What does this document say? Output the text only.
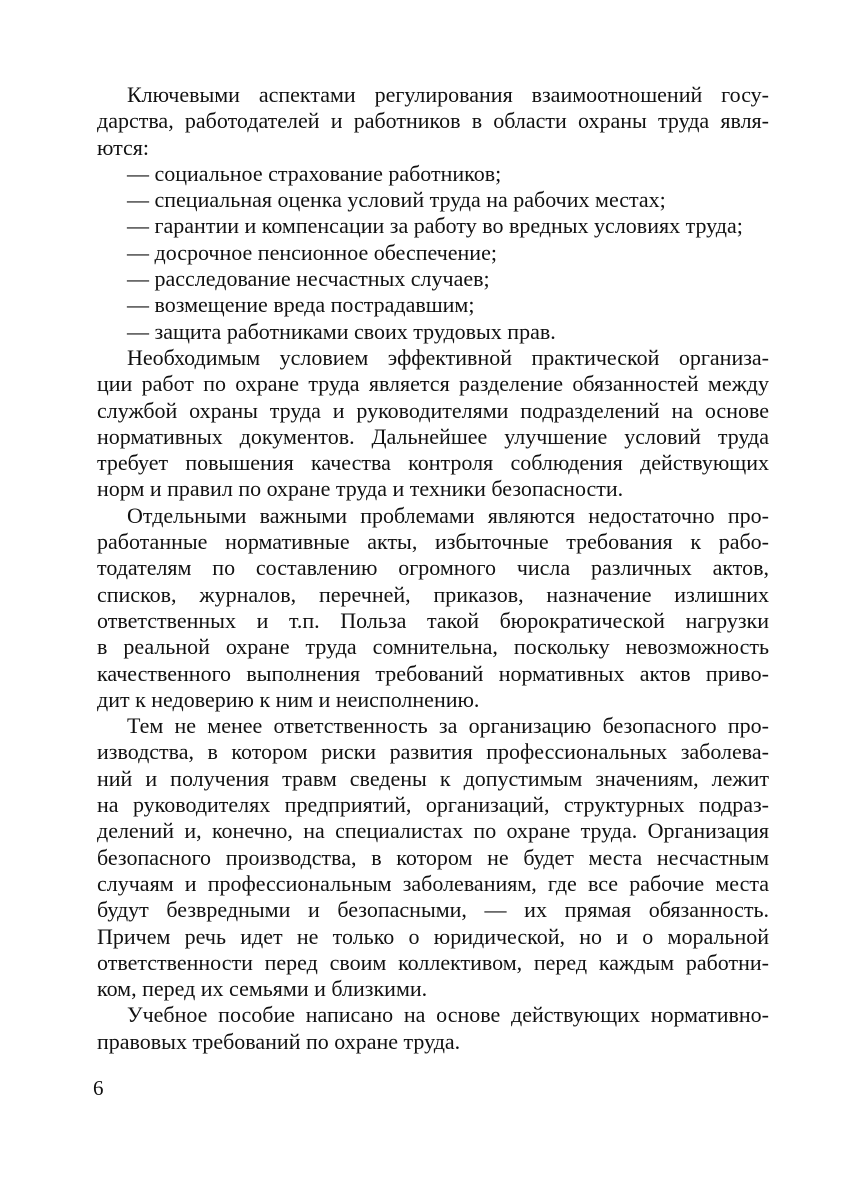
Ключевыми аспектами регулирования взаимоотношений госу-
дарства, работодателей и работников в области охраны труда явля-
ются:
— социальное страхование работников;
— специальная оценка условий труда на рабочих местах;
— гарантии и компенсации за работу во вредных условиях труда;
— досрочное пенсионное обеспечение;
— расследование несчастных случаев;
— возмещение вреда пострадавшим;
— защита работниками своих трудовых прав.
Необходимым условием эффективной практической организа-
ции работ по охране труда является разделение обязанностей между
службой охраны труда и руководителями подразделений на основе
нормативных документов. Дальнейшее улучшение условий труда
требует повышения качества контроля соблюдения действующих
норм и правил по охране труда и техники безопасности.
Отдельными важными проблемами являются недостаточно про-
работанные нормативные акты, избыточные требования к рабо-
тодателям по составлению огромного числа различных актов,
списков, журналов, перечней, приказов, назначение излишних
ответственных и т.п. Польза такой бюрократической нагрузки
в реальной охране труда сомнительна, поскольку невозможность
качественного выполнения требований нормативных актов приво-
дит к недоверию к ним и неисполнению.
Тем не менее ответственность за организацию безопасного про-
изводства, в котором риски развития профессиональных заболева-
ний и получения травм сведены к допустимым значениям, лежит
на руководителях предприятий, организаций, структурных подраз-
делений и, конечно, на специалистах по охране труда. Организация
безопасного производства, в котором не будет места несчастным
случаям и профессиональным заболеваниям, где все рабочие места
будут безвредными и безопасными, — их прямая обязанность.
Причем речь идет не только о юридической, но и о моральной
ответственности перед своим коллективом, перед каждым работни-
ком, перед их семьями и близкими.
Учебное пособие написано на основе действующих нормативно-
правовых требований по охране труда.
6
